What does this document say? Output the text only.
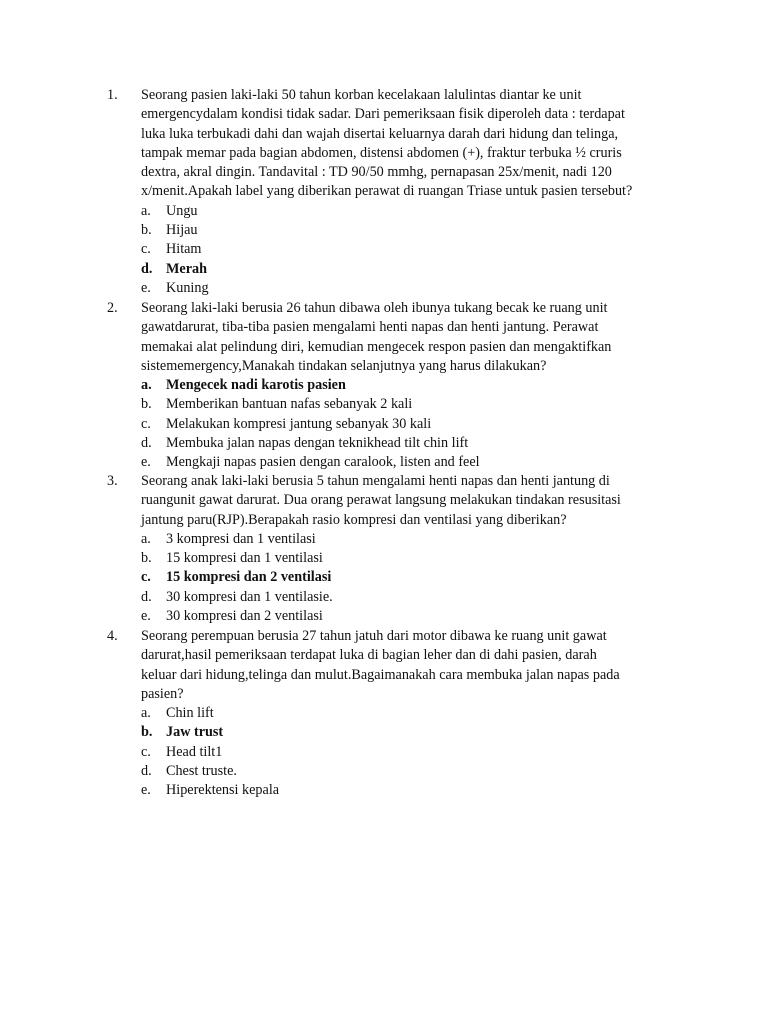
1. Seorang pasien laki-laki 50 tahun korban kecelakaan lalulintas diantar ke unit
emergencydalam kondisi tidak sadar. Dari pemeriksaan fisik diperoleh data : terdapat
luka luka terbukadi dahi dan wajah disertai keluarnya darah dari hidung dan telinga,
tampak memar pada bagian abdomen, distensi abdomen (+), fraktur terbuka ½ cruris
dextra, akral dingin. Tandavital : TD 90/50 mmhg, pernapasan 25x/menit, nadi 120
x/menit.Apakah label yang diberikan perawat di ruangan Triase untuk pasien tersebut?
a. Ungu
b. Hijau
c. Hitam
d. Merah
e. Kuning
2. Seorang laki-laki berusia 26 tahun dibawa oleh ibunya tukang becak ke ruang unit
gawatdarurat, tiba-tiba pasien mengalami henti napas dan henti jantung. Perawat
memakai alat pelindung diri, kemudian mengecek respon pasien dan mengaktifkan
sistememergency,Manakah tindakan selanjutnya yang harus dilakukan?
a. Mengecek nadi karotis pasien
b. Memberikan bantuan nafas sebanyak 2 kali
c. Melakukan kompresi jantung sebanyak 30 kali
d. Membuka jalan napas dengan teknikhead tilt chin lift
e. Mengkaji napas pasien dengan caralook, listen and feel
3. Seorang anak laki-laki berusia 5 tahun mengalami henti napas dan henti jantung di
ruangunit gawat darurat. Dua orang perawat langsung melakukan tindakan resusitasi
jantung paru(RJP).Berapakah rasio kompresi dan ventilasi yang diberikan?
a. 3 kompresi dan 1 ventilasi
b. 15 kompresi dan 1 ventilasi
c. 15 kompresi dan 2 ventilasi
d. 30 kompresi dan 1 ventilasie.
e. 30 kompresi dan 2 ventilasi
4. Seorang perempuan berusia 27 tahun jatuh dari motor dibawa ke ruang unit gawat
darurat,hasil pemeriksaan terdapat luka di bagian leher dan di dahi pasien, darah
keluar dari hidung,telinga dan mulut.Bagaimanakah cara membuka jalan napas pada
pasien?
a. Chin lift
b. Jaw trust
c. Head tilt1
d. Chest truste.
e. Hiperektensi kepala
